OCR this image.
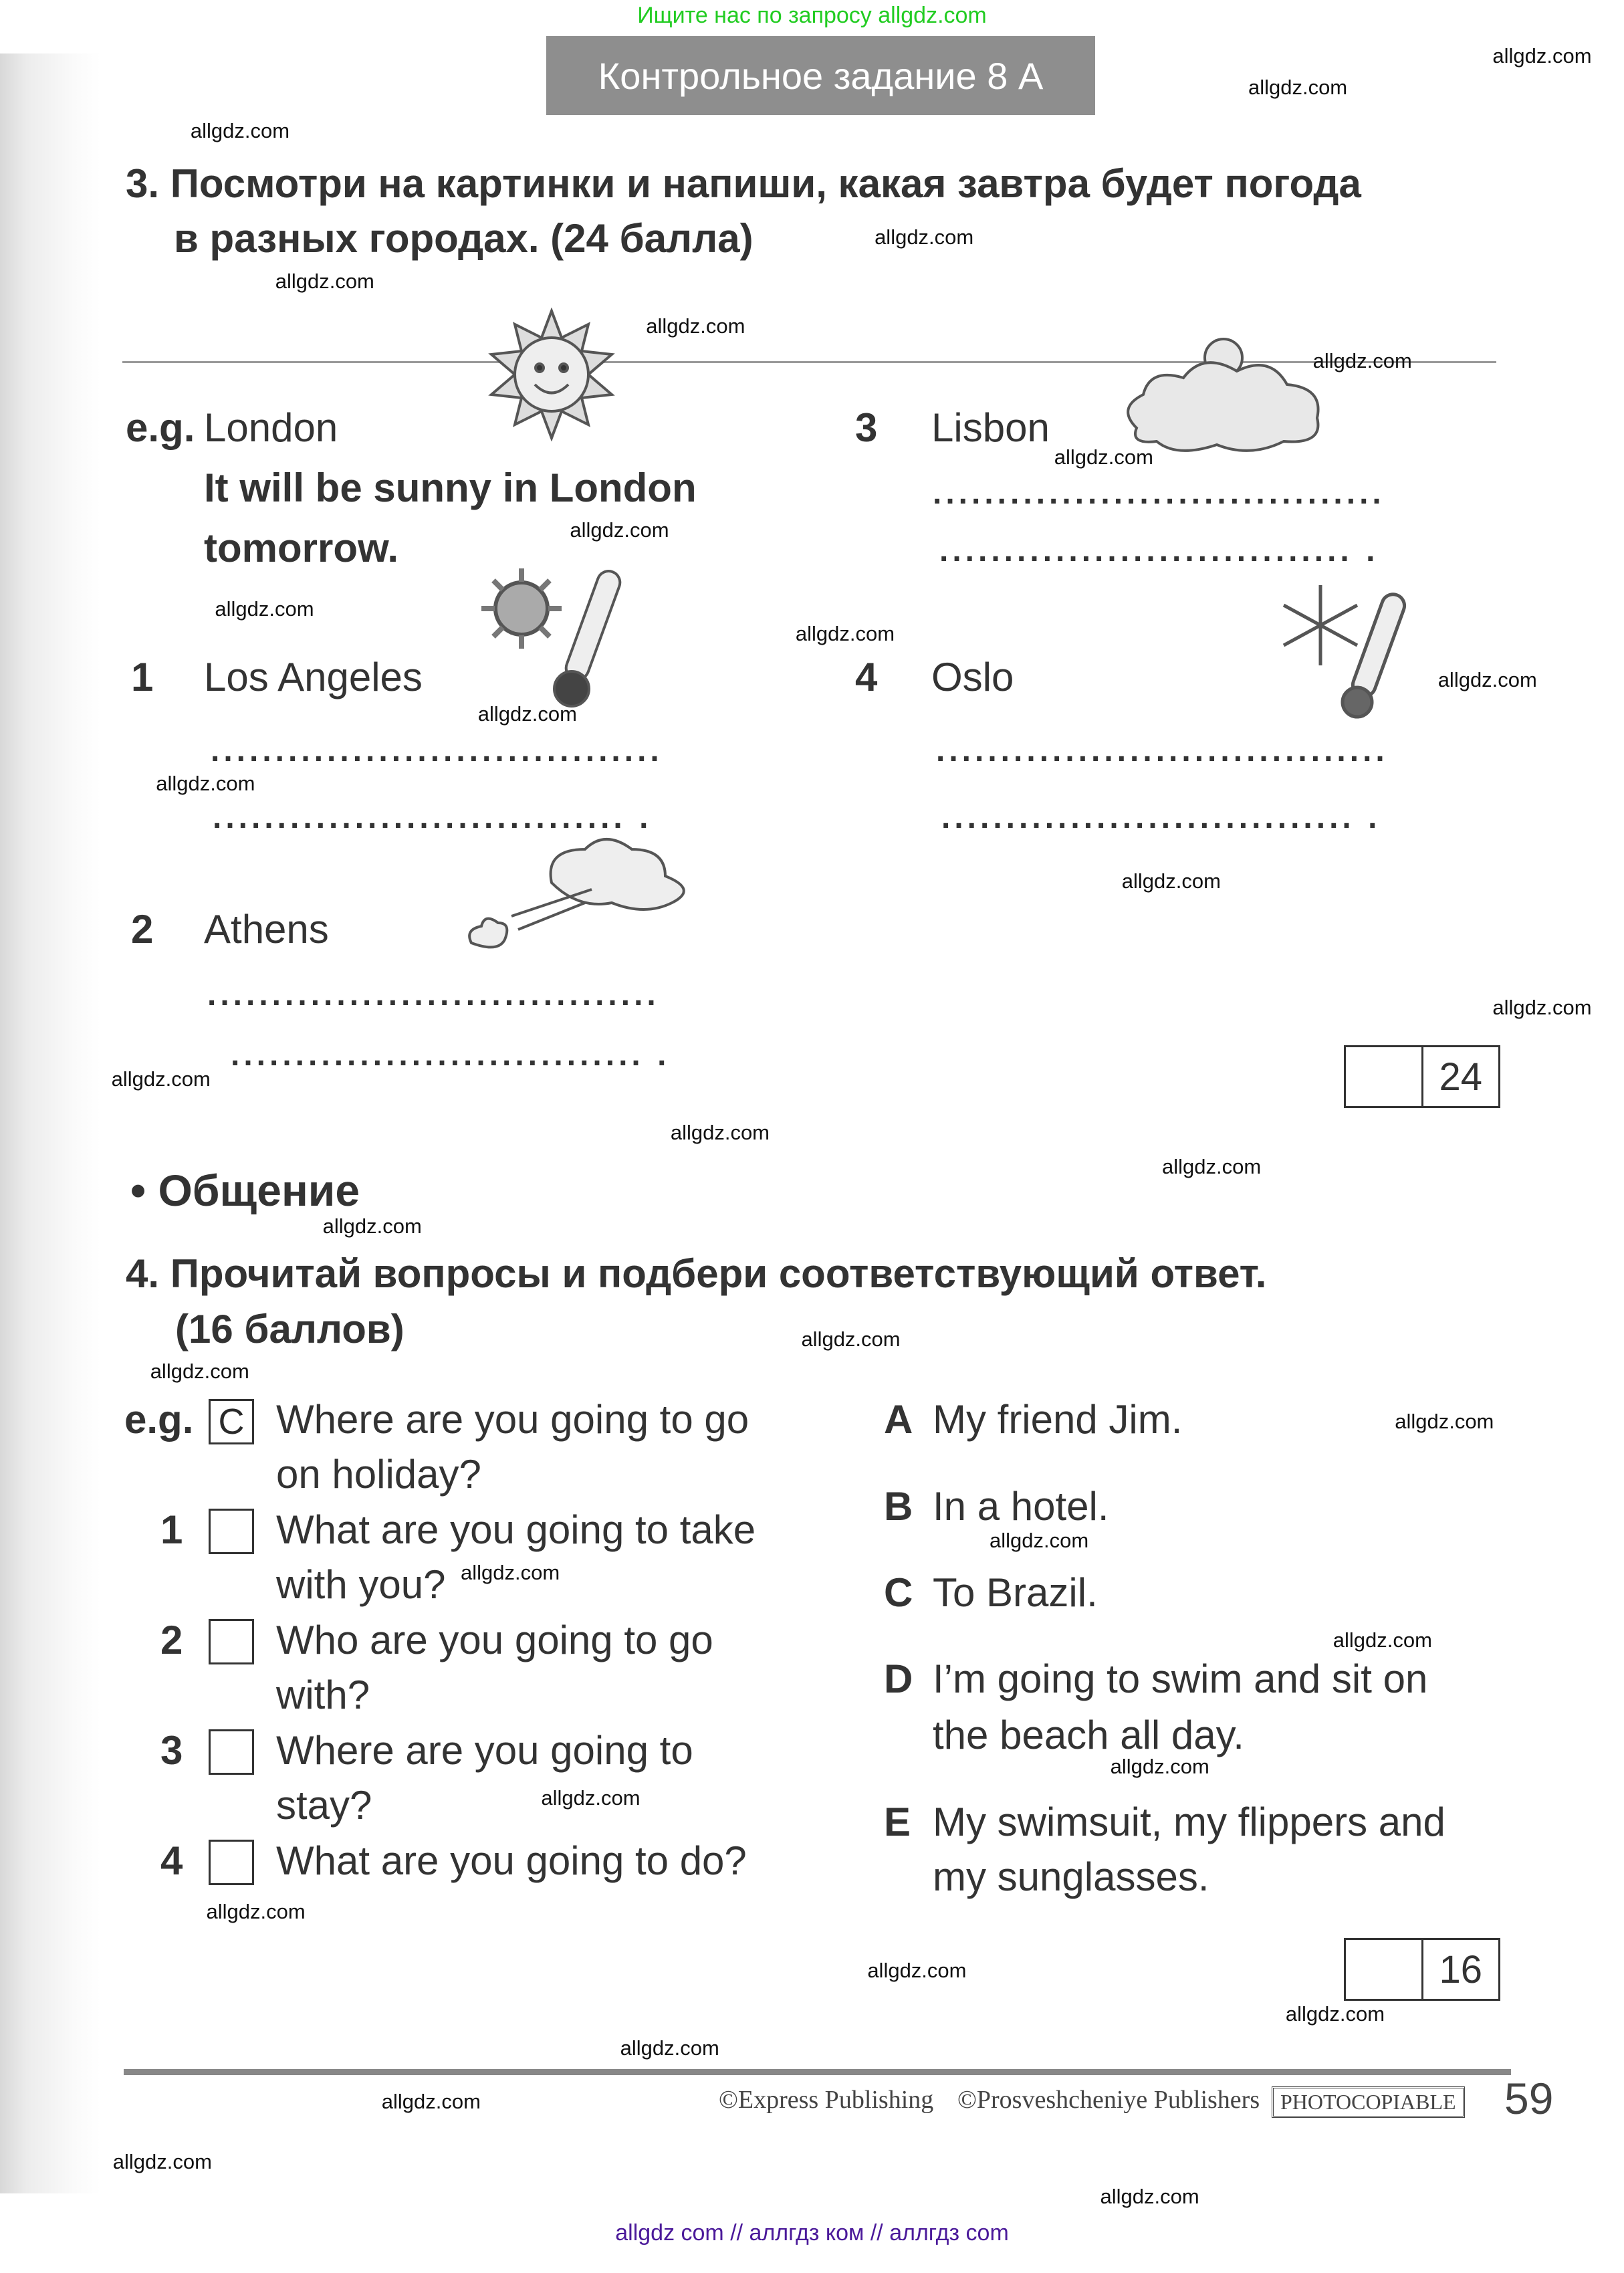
Ищите нас по запросу allgdz.com
Контрольное задание 8 A
3. Посмотри на картинки и напиши, какая завтра будет погода
в разных городах. (24 балла)
e.g. London
It will be sunny in London
tomorrow.
3 Lisbon
...................................
................................ .
1 Los Angeles
...................................
................................ .
4 Oslo
...................................
................................ .
2 Athens
...................................
................................ .	24
• Общение
4. Прочитай вопросы и подбери соответствующий ответ.
(16 баллов)
e.g. C Where are you going to go
on holiday?
1 What are you going to take
with you?
2 Who are you going to go
with?
3 Where are you going to
stay?
4 What are you going to do?
A My friend Jim.
B In a hotel.
C To Brazil.
D I’m going to swim and sit on
the beach all day.
E My swimsuit, my flippers and
my sunglasses.
16
©Express Publishing ©Prosveshcheniye Publishers PHOTOCOPIABLE 59
allgdz com // аллгдз ком // аллгдз com
allgdz.com
allgdz.com
allgdz.com
allgdz.com
allgdz.com
allgdz.com
allgdz.com
allgdz.com
allgdz.com
allgdz.com
allgdz.com
allgdz.com
allgdz.com
allgdz.com
allgdz.com
allgdz.com
allgdz.com
allgdz.com
allgdz.com
allgdz.com
allgdz.com
allgdz.com
allgdz.com
allgdz.com
allgdz.com
allgdz.com
allgdz.com
allgdz.com
allgdz.com
allgdz.com
allgdz.com
allgdz.com
allgdz.com
allgdz.com
allgdz.com
